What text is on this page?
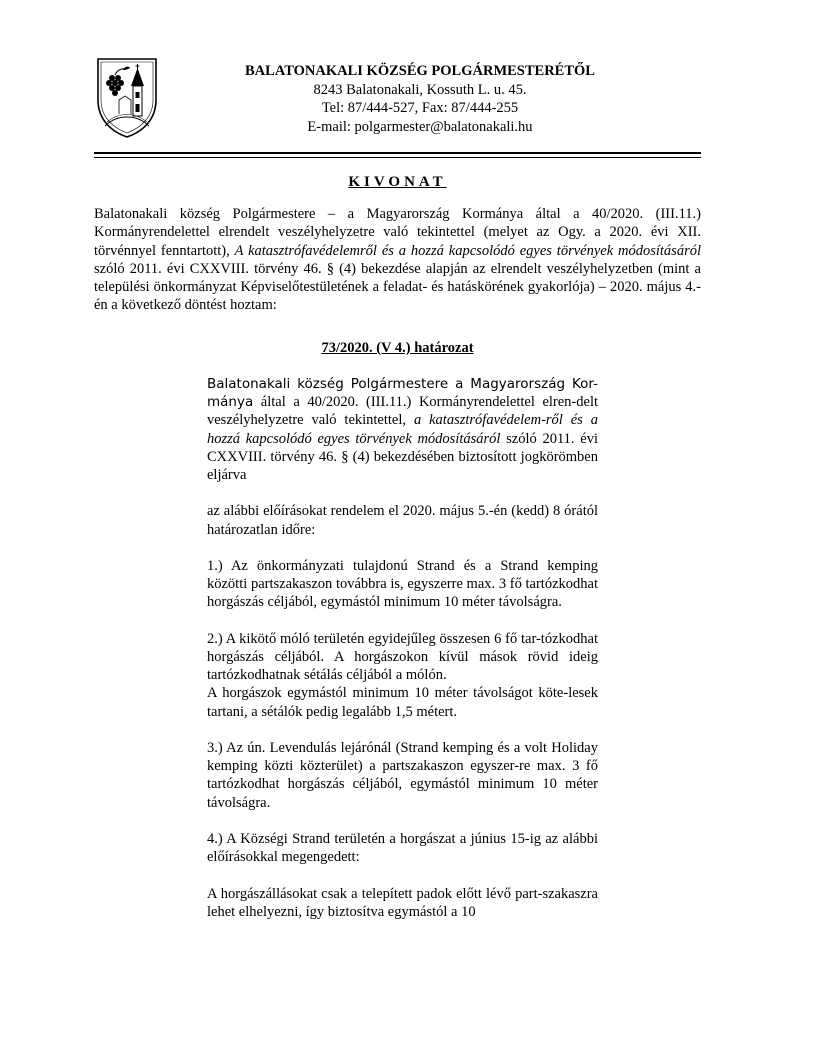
BALATONAKALI KÖZSÉG POLGÁRMESTERÉTŐL
8243 Balatonakali, Kossuth L. u. 45.
Tel: 87/444-527, Fax: 87/444-255
E-mail: polgarmester@balatonakali.hu
KIVONAT
Balatonakali község Polgármestere – a Magyarország Kormánya által a 40/2020. (III.11.) Kormányrendelettel elrendelt veszélyhelyzetre való tekintettel (melyet az Ogy. a 2020. évi XII. törvénnyel fenntartott), A katasztrófavédelemről és a hozzá kapcsolódó egyes törvények módosításáról szóló 2011. évi CXXVIII. törvény 46. § (4) bekezdése alapján az elrendelt veszélyhelyzetben (mint a települési önkormányzat Képviselőtestületének a feladat- és hatáskörének gyakorlója) – 2020. május 4.-én a következő döntést hoztam:
73/2020. (V 4.) határozat

Balatonakali község Polgármestere a Magyarország Kor-mánya által a 40/2020. (III.11.) Kormányrendelettel elren-delt veszélyhelyzetre való tekintettel, a katasztrófavédelem-ről és a hozzá kapcsolódó egyes törvények módosításáról szóló 2011. évi CXXVIII. törvény 46. § (4) bekezdésében biztosított jogkörömben eljárva

az alábbi előírásokat rendelem el 2020. május 5.-én (kedd) 8 órától határozatlan időre:

1.) Az önkormányzati tulajdonú Strand és a Strand kemping közötti partszakaszon továbbra is, egyszerre max. 3 fő tartózkodhat horgászás céljából, egymástól minimum 10 méter távolságra.

2.) A kikötő móló területén egyidejűleg összesen 6 fő tar-tózkodhat horgászás céljából. A horgászokon kívül mások rövid ideig tartózkodhatnak sétálás céljából a mólón.

A horgászok egymástól minimum 10 méter távolságot köte-lesek tartani, a sétálók pedig legalább 1,5 métert.

3.) Az ún. Levendulás lejárónál (Strand kemping és a volt Holiday kemping közti közterület) a partszakaszon egyszer-re max. 3 fő tartózkodhat horgászás céljából, egymástól minimum 10 méter távolságra.

4.) A Községi Strand területén a horgászat a június 15-ig az alábbi előírásokkal megengedett:

A horgászállásokat csak a telepített padok előtt lévő part-szakaszra lehet elhelyezni, így biztosítva egymástól a 10
